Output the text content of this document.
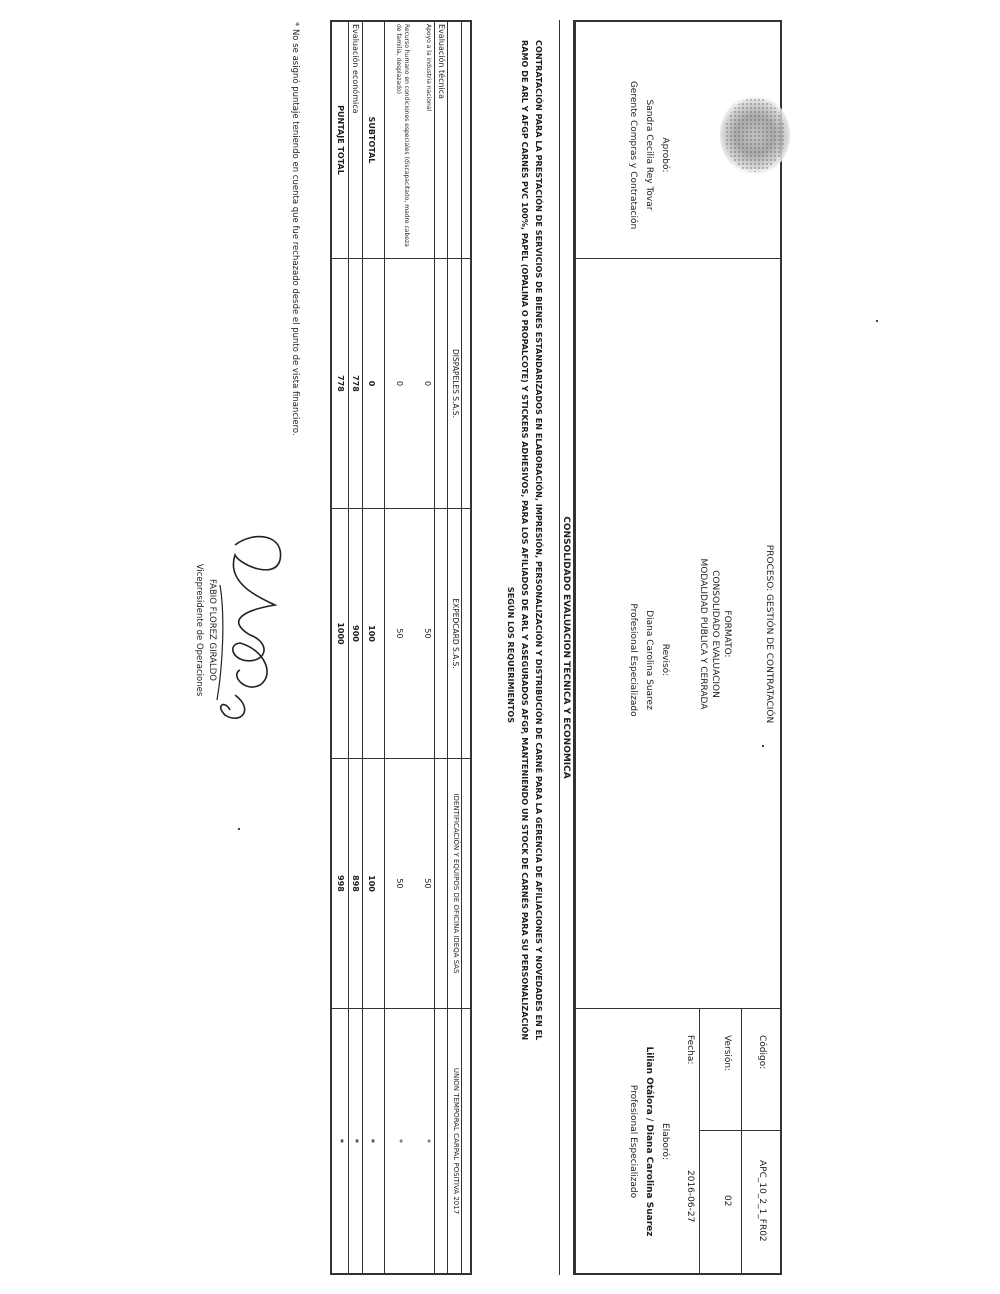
PROCESO: GESTIÓN DE CONTRATACIÓN
FORMATO:
CONSOLIDADO EVALUACION
MODALIDAD PUBLICA Y CERRADA
Código:
APC_10_2_1_FR02
Versión:
02
Fecha:
2016-06-27
Aprobó:
Sandra Cecilia Rey Tovar
Gerente Compras y Contratación
Revisó:
Diana Carolina Suarez
Profesional Especializado
Elaboró:
Lilian Otálora / Diana Carolina Suarez
Profesional Especializado
CONSOLIDADO EVALUACION TECNICA Y ECONOMICA
CONTRATACIÓN PARA LA PRESTACIÓN DE SERVICIOS DE BIENES ESTANDARIZADOS EN ELABORACIÓN, IMPRESIÓN, PERSONALIZACIÓN Y DISTRIBUCIÓN DE CARNÉ PARA LA GERENCIA DE AFILIACIONES Y NOVEDADES EN EL
RAMO DE ARL Y AFGP CARNÉS PVC 100%, PAPEL (OPALINA O PROPALCOTE) Y STICKERS ADHESIVOS, PARA LOS AFILIADOS DE ARL Y ASEGURADOS AFGP, MANTENIENDO UN STOCK DE CARNÉS PARA SU PERSONALIZACIÓN
SEGÚN LOS REQUERIMIENTOS
DISPAPELES S.A.S.
EXPEDCARD S.A.S.
IDENTIFICACIÓN Y EQUIPOS DE OFICINA IDEQA SAS
UNION TEMPORAL CARPAL POSITIVA 2017
Evaluación técnica
Apoyo a la industria nacional
0
50
50
*
Recurso humano en condiciones especiales (discapacitado, madre cabeza de familia, desplazado)
0
50
50
*
SUBTOTAL
0
100
100
*
Evaluación económica
778
900
898
*
PUNTAJE TOTAL
778
1000
998
*
* No se asignó puntaje teniendo en cuenta que fue rechazado desde el punto de vista financiero.
FABIO FLOREZ GIRALDO
Vicepresidente de Operaciones
